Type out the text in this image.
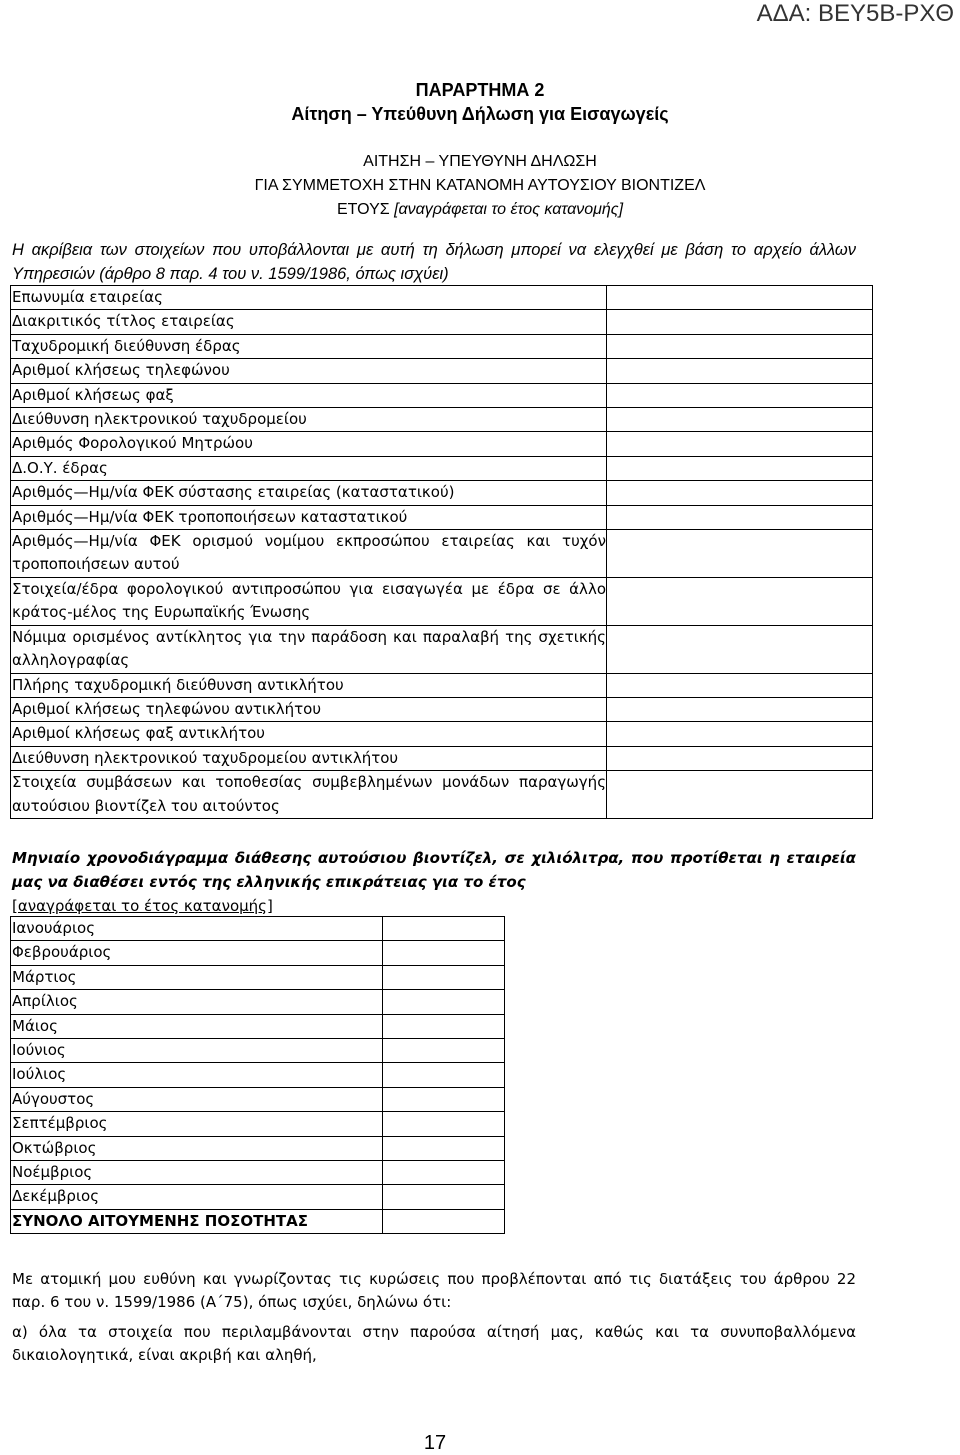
ΑΔΑ: ΒΕΥ5Β-ΡΧΘ
ΠΑΡΑΡΤΗΜΑ 2
Αίτηση – Υπεύθυνη Δήλωση για Εισαγωγείς
ΑΙΤΗΣΗ – ΥΠΕΥΘΥΝΗ ΔΗΛΩΣΗ
ΓΙΑ ΣΥΜΜΕΤΟΧΗ ΣΤΗΝ ΚΑΤΑΝΟΜΗ ΑΥΤΟΥΣΙΟΥ ΒΙΟΝΤΙΖΕΛ
ΕΤΟΥΣ [αναγράφεται το έτος κατανομής]
Η ακρίβεια των στοιχείων που υποβάλλονται με αυτή τη δήλωση μπορεί να ελεγχθεί με βάση το αρχείο άλλων Υπηρεσιών (άρθρο 8 παρ. 4 του ν. 1599/1986, όπως ισχύει)
Επωνυμία εταιρείας	
Διακριτικός τίτλος εταιρείας	
Ταχυδρομική διεύθυνση έδρας	
Αριθμοί κλήσεως τηλεφώνου	
Αριθμοί κλήσεως φαξ	
Διεύθυνση ηλεκτρονικού ταχυδρομείου	
Αριθμός Φορολογικού Μητρώου	
Δ.Ο.Υ. έδρας	
Αριθμός—Ημ/νία ΦΕΚ σύστασης εταιρείας (καταστατικού)	
Αριθμός—Ημ/νία ΦΕΚ τροποποιήσεων καταστατικού	
Αριθμός—Ημ/νία ΦΕΚ ορισμού νομίμου εκπροσώπου εταιρείας και τυχόν τροποποιήσεων αυτού	
Στοιχεία/έδρα φορολογικού αντιπροσώπου για εισαγωγέα με έδρα σε άλλο κράτος-μέλος της Ευρωπαϊκής Ένωσης	
Νόμιμα ορισμένος αντίκλητος για την παράδοση και παραλαβή της σχετικής αλληλογραφίας	
Πλήρης ταχυδρομική διεύθυνση αντικλήτου	
Αριθμοί κλήσεως τηλεφώνου αντικλήτου	
Αριθμοί κλήσεως φαξ αντικλήτου	
Διεύθυνση ηλεκτρονικού ταχυδρομείου αντικλήτου	
Στοιχεία συμβάσεων και τοποθεσίας συμβεβλημένων μονάδων παραγωγής αυτούσιου βιοντίζελ του αιτούντος	
Μηνιαίο χρονοδιάγραμμα διάθεσης αυτούσιου βιοντίζελ, σε χιλιόλιτρα, που προτίθεται η εταιρεία μας να διαθέσει εντός της ελληνικής επικράτειας για το έτος
[αναγράφεται το έτος κατανομής]
Ιανουάριος	
Φεβρουάριος	
Μάρτιος	
Απρίλιος	
Μάιος	
Ιούνιος	
Ιούλιος	
Αύγουστος	
Σεπτέμβριος	
Οκτώβριος	
Νοέμβριος	
Δεκέμβριος	
ΣΥΝΟΛΟ ΑΙΤΟΥΜΕΝΗΣ ΠΟΣΟΤΗΤΑΣ	
Με ατομική μου ευθύνη και γνωρίζοντας τις κυρώσεις που προβλέπονται από τις διατάξεις του άρθρου 22 παρ. 6 του ν. 1599/1986 (Α΄75), όπως ισχύει, δηλώνω ότι:
α) όλα τα στοιχεία που περιλαμβάνονται στην παρούσα αίτησή μας, καθώς και τα συνυποβαλλόμενα δικαιολογητικά, είναι ακριβή και αληθή,
17
